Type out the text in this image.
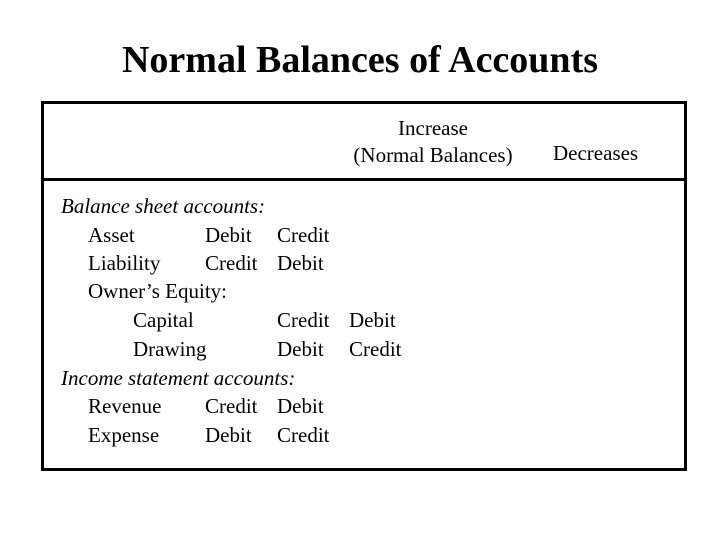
Normal Balances of Accounts
Increase
(Normal Balances)	Decreases
Balance sheet accounts:
Asset	Debit Credit
Liability Credit Debit
Owner’s Equity:
Capital	Credit Debit
Drawing	Debit Credit
Income statement accounts:
Revenue Credit Debit
Expense Debit Credit
